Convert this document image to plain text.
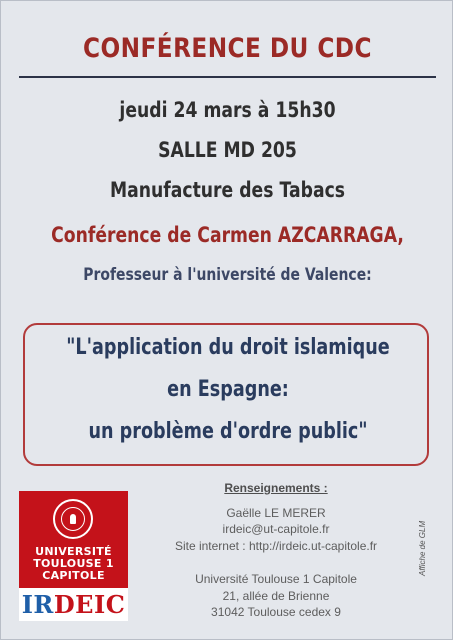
CONFÉRENCE DU CDC
jeudi 24 mars à 15h30
SALLE MD 205
Manufacture des Tabacs
Conférence de Carmen AZCARRAGA,
Professeur à l'université de Valence:
"L'application du droit islamique
en Espagne:
un problème d'ordre public"
UNIVERSITÉ
TOULOUSE 1
CAPITOLE
IRDEIC
Renseignements :
Gaëlle LE MERER
irdeic@ut-capitole.fr
Site internet : http://irdeic.ut-capitole.fr
Université Toulouse 1 Capitole
21, allée de Brienne
31042 Toulouse cedex 9
Affiche de GLM
